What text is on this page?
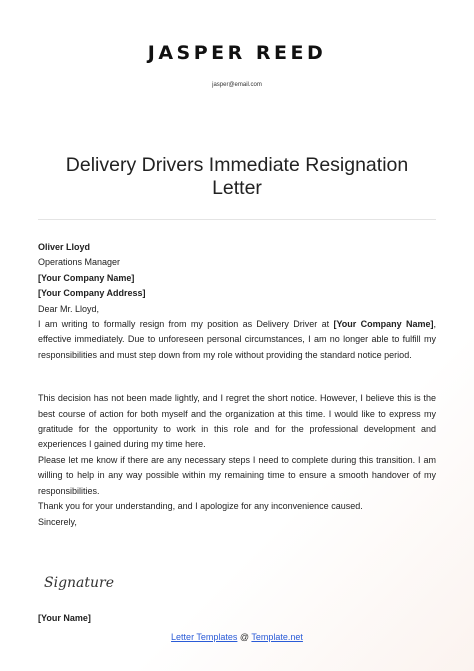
JASPER REED
jasper@email.com
Delivery Drivers Immediate Resignation Letter

Oliver Lloyd

Operations Manager

[Your Company Name]

[Your Company Address]

Dear Mr. Lloyd,

I am writing to formally resign from my position as Delivery Driver at [Your Company Name], effective immediately. Due to unforeseen personal circumstances, I am no longer able to fulfill my responsibilities and must step down from my role without providing the standard notice period.

This decision has not been made lightly, and I regret the short notice. However, I believe this is the best course of action for both myself and the organization at this time. I would like to express my gratitude for the opportunity to work in this role and for the professional development and experiences I gained during my time here.

Please let me know if there are any necessary steps I need to complete during this transition. I am willing to help in any way possible within my remaining time to ensure a smooth handover of my responsibilities.

Thank you for your understanding, and I apologize for any inconvenience caused.

Sincerely,

Signature
[Your Name]
Letter Templates @ Template.net
